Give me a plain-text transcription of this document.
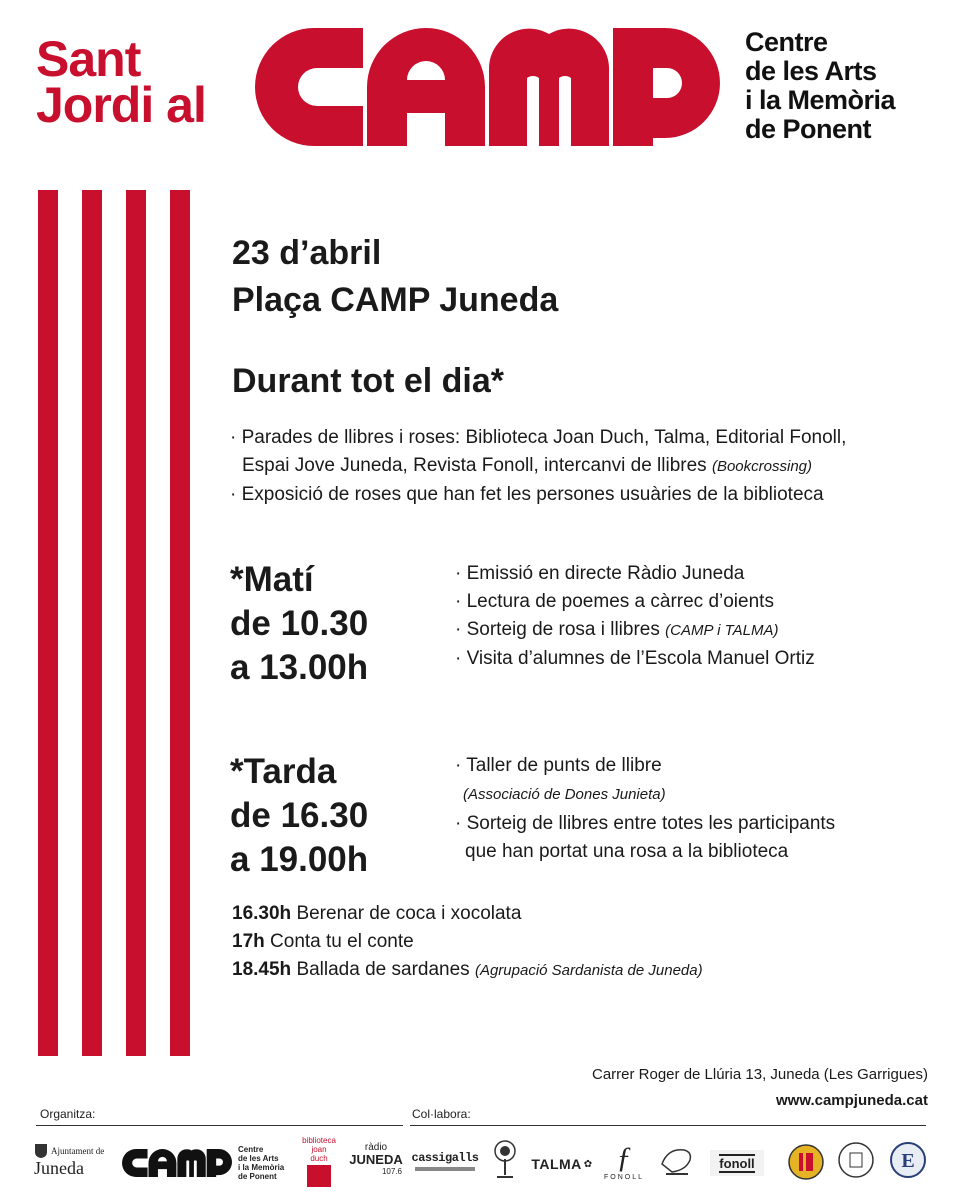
Sant
Jordi al
Centre
de les Arts
i la Memòria
de Ponent
23 d’abril
Plaça CAMP Juneda
Durant tot el dia*
· Parades de llibres i roses: Biblioteca Joan Duch, Talma, Editorial Fonoll,
Espai Jove Juneda, Revista Fonoll, intercanvi de llibres (Bookcrossing)
· Exposició de roses que han fet les persones usuàries de la biblioteca
*Matí
de 10.30
a 13.00h
· Emissió en directe Ràdio Juneda
· Lectura de poemes a càrrec d’oients
· Sorteig de rosa i llibres (CAMP i TALMA)
· Visita d’alumnes de l’Escola Manuel Ortiz
*Tarda
de 16.30
a 19.00h
· Taller de punts de llibre
(Associació de Dones Junieta)
· Sorteig de llibres entre totes les participants
que han portat una rosa a la biblioteca
16.30h Berenar de coca i xocolata
17h Conta tu el conte
18.45h Ballada de sardanes (Agrupació Sardanista de Juneda)
Carrer Roger de Llúria 13, Juneda (Les Garrigues)
www.campjuneda.cat
Organitza:	Col·labora:
Ajuntament de
Juneda
Centre
de les Arts
i la Memòria
de Ponent
biblioteca
joan
duch
ràdio
JUNEDA
107.6
cassigalls	TALMA ✿ ƒ
FONOLL
fonoll	E
